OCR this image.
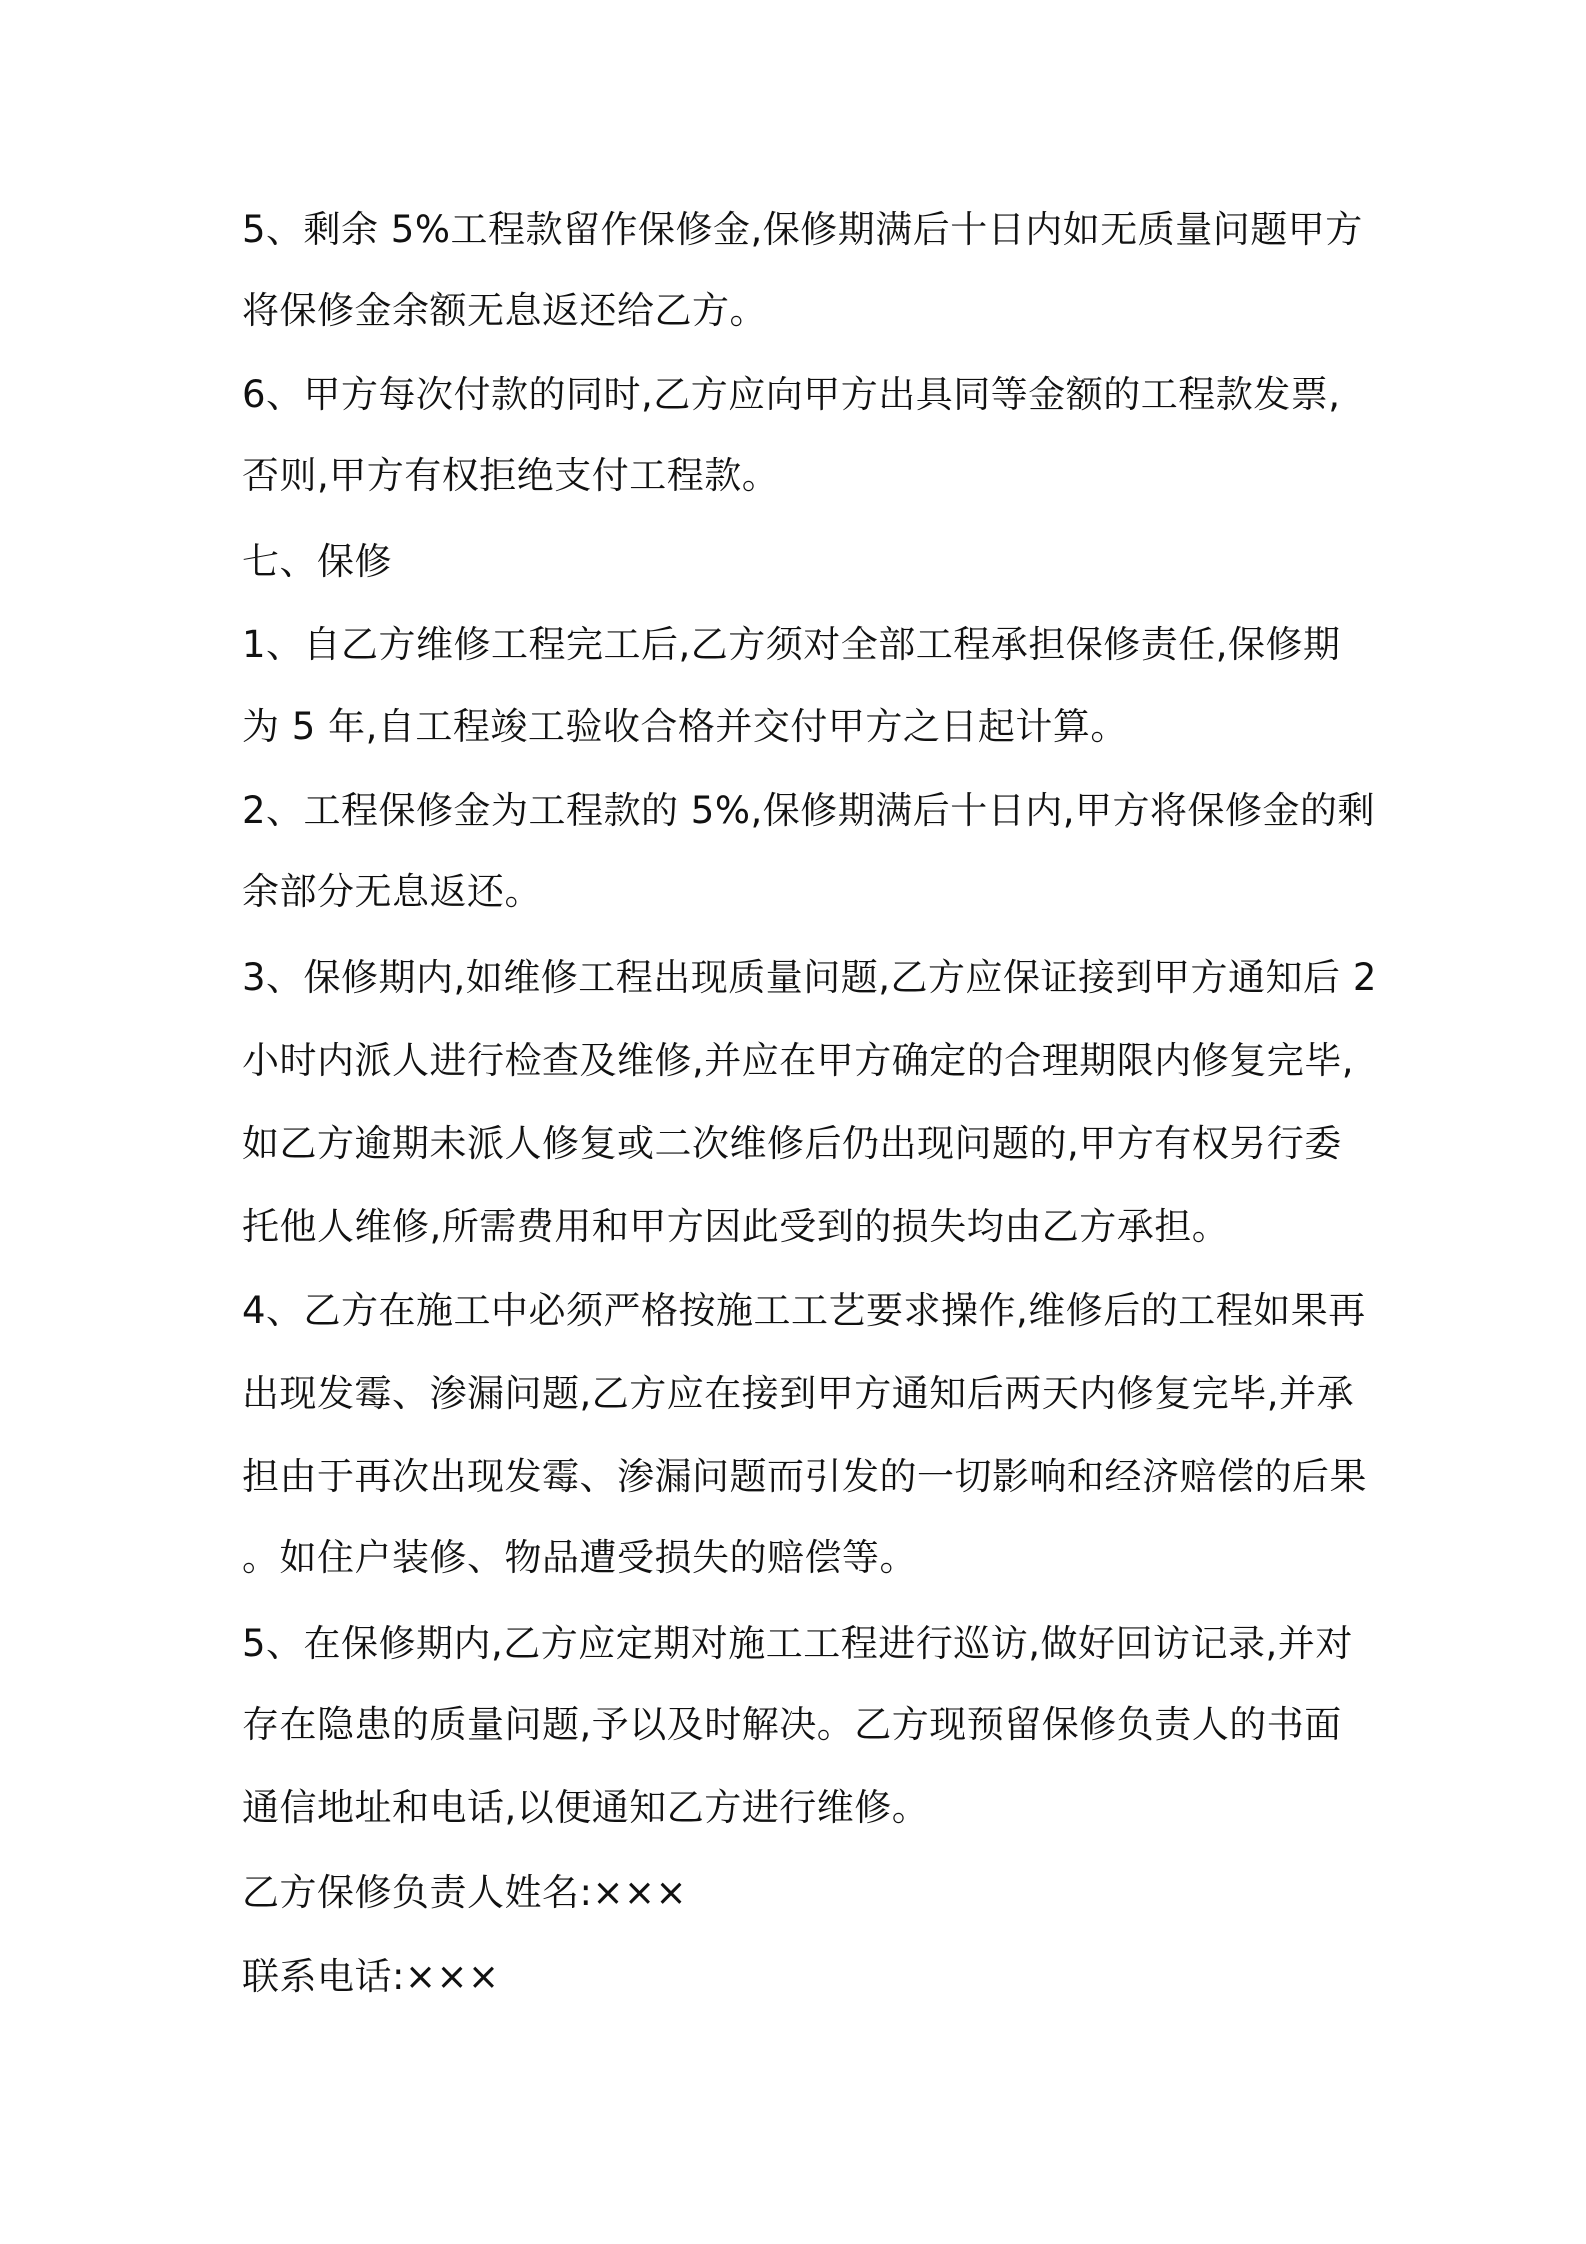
5、剩余 5%工程款留作保修金,保修期满后十日内如无质量问题甲方
将保修金余额无息返还给乙方。
6、甲方每次付款的同时,乙方应向甲方出具同等金额的工程款发票,
否则,甲方有权拒绝支付工程款。
七、保修
1、自乙方维修工程完工后,乙方须对全部工程承担保修责任,保修期
为 5 年,自工程竣工验收合格并交付甲方之日起计算。
2、工程保修金为工程款的 5%,保修期满后十日内,甲方将保修金的剩
余部分无息返还。
3、保修期内,如维修工程出现质量问题,乙方应保证接到甲方通知后 2
小时内派人进行检查及维修,并应在甲方确定的合理期限内修复完毕,
如乙方逾期未派人修复或二次维修后仍出现问题的,甲方有权另行委
托他人维修,所需费用和甲方因此受到的损失均由乙方承担。
4、乙方在施工中必须严格按施工工艺要求操作,维修后的工程如果再
出现发霉、渗漏问题,乙方应在接到甲方通知后两天内修复完毕,并承
担由于再次出现发霉、渗漏问题而引发的一切影响和经济赔偿的后果
。如住户装修、物品遭受损失的赔偿等。
5、在保修期内,乙方应定期对施工工程进行巡访,做好回访记录,并对
存在隐患的质量问题,予以及时解决。乙方现预留保修负责人的书面
通信地址和电话,以便通知乙方进行维修。
乙方保修负责人姓名:×××
联系电话:×××
